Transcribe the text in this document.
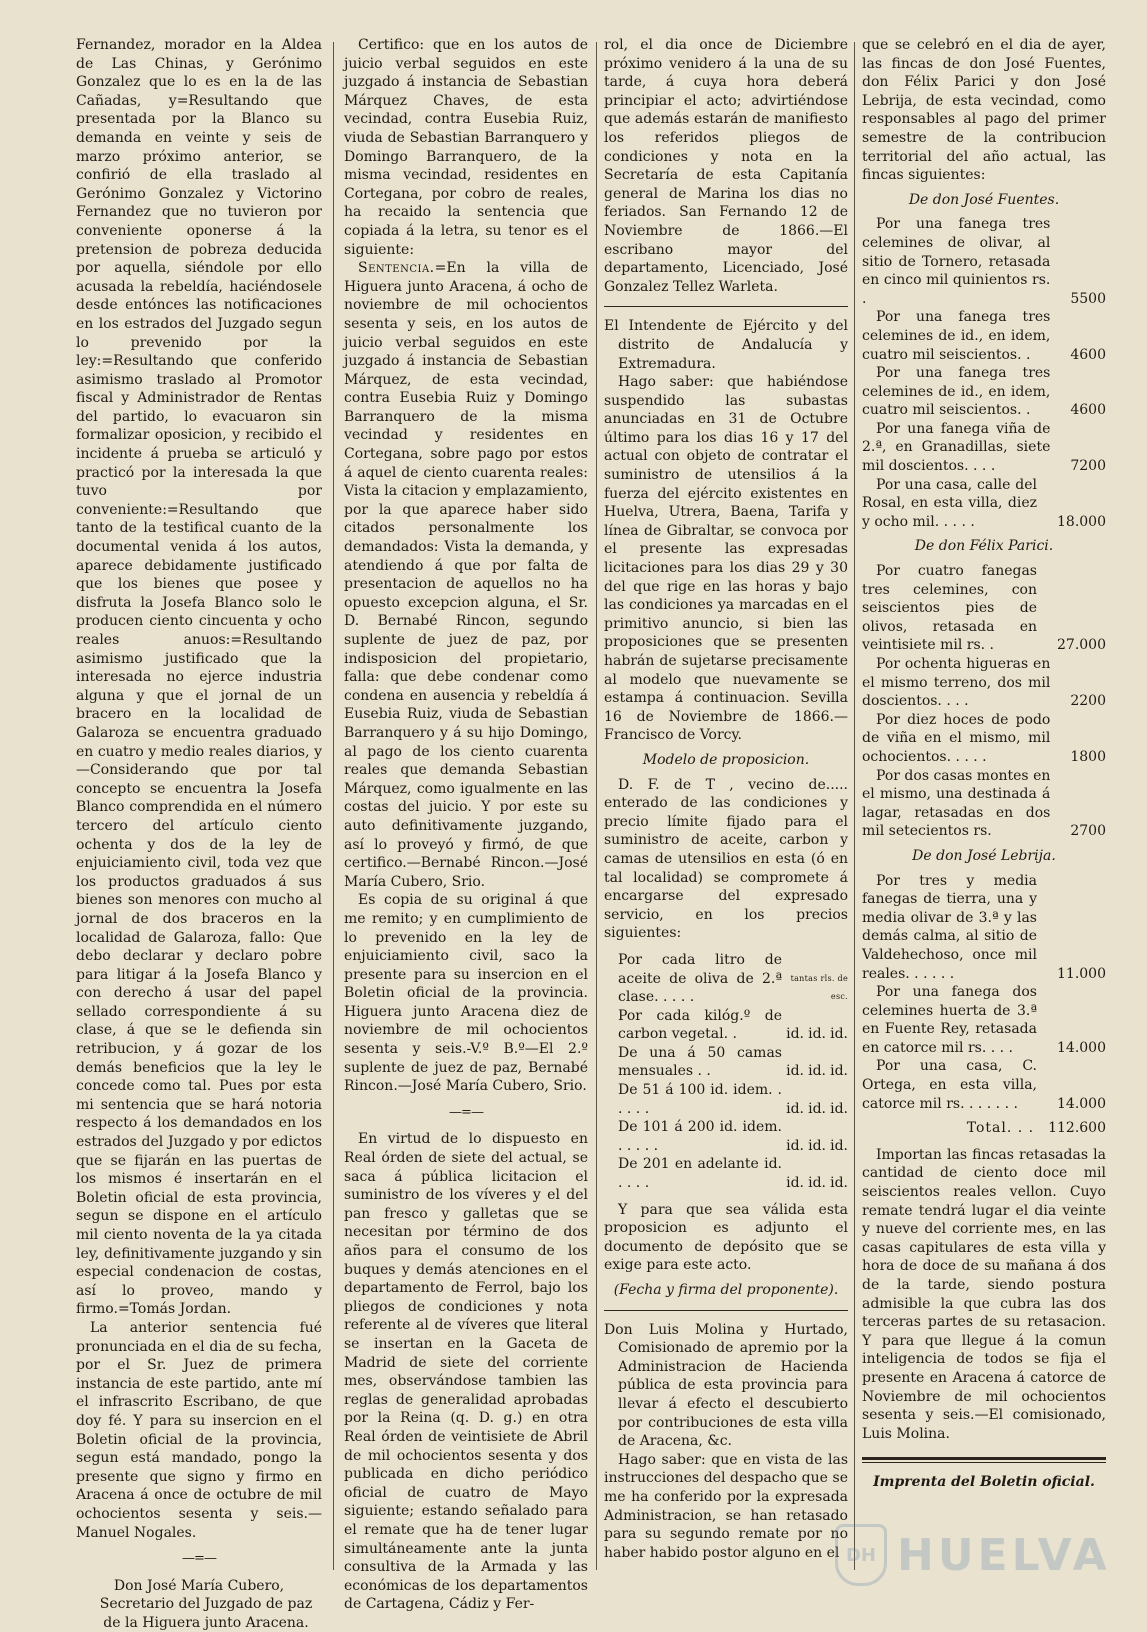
Fernandez, morador en la Aldea de Las Chinas, y Gerónimo Gonzalez que lo es en la de las Cañadas, y=Resultando que presentada por la Blanco su demanda en veinte y seis de marzo próximo anterior, se confirió de ella traslado al Gerónimo Gonzalez y Victorino Fernandez que no tuvieron por conveniente oponerse á la pretension de pobreza deducida por aquella, siéndole por ello acusada la rebeldía, haciéndosele desde entónces las notificaciones en los estrados del Juzgado segun lo prevenido por la ley:=Resultando que conferido asimismo traslado al Promotor fiscal y Administrador de Rentas del partido, lo evacuaron sin formalizar oposicion, y recibido el incidente á prueba se articuló y practicó por la interesada la que tuvo por conveniente:=Resultando que tanto de la testifical cuanto de la documental venida á los autos, aparece debidamente justificado que los bienes que posee y disfruta la Josefa Blanco solo le producen ciento cincuenta y ocho reales anuos:=Resultando asimismo justificado que la interesada no ejerce industria alguna y que el jornal de un bracero en la localidad de Galaroza se encuentra graduado en cuatro y medio reales diarios, y—Considerando que por tal concepto se encuentra la Josefa Blanco comprendida en el número tercero del artículo ciento ochenta y dos de la ley de enjuiciamiento civil, toda vez que los productos graduados á sus bienes son menores con mucho al jornal de dos braceros en la localidad de Galaroza, fallo: Que debo declarar y declaro pobre para litigar á la Josefa Blanco y con derecho á usar del papel sellado correspondiente á su clase, á que se le defienda sin retribucion, y á gozar de los demás beneficios que la ley le concede como tal. Pues por esta mi sentencia que se hará notoria respecto á los demandados en los estrados del Juzgado y por edictos que se fijarán en las puertas de los mismos é insertarán en el Boletin oficial de esta provincia, segun se dispone en el artículo mil ciento noventa de la ya citada ley, definitivamente juzgando y sin especial condenacion de costas, así lo proveo, mando y firmo.=Tomás Jordan.

La anterior sentencia fué pronunciada en el dia de su fecha, por el Sr. Juez de primera instancia de este partido, ante mí el infrascrito Escribano, de que doy fé. Y para su insercion en el Boletin oficial de la provincia, segun está mandado, pongo la presente que signo y firmo en Aracena á once de octubre de mil ochocientos sesenta y seis.—Manuel Nogales.

—=—

Don José María Cubero, Secretario del Juzgado de paz de la Higuera junto Aracena.

Certifico: que en los autos de juicio verbal seguidos en este juzgado á instancia de Sebastian Márquez Chaves, de esta vecindad, contra Eusebia Ruiz, viuda de Sebastian Barranquero y Domingo Barranquero, de la misma vecindad, residentes en Cortegana, por cobro de reales, ha recaido la sentencia que copiada á la letra, su tenor es el siguiente:

Sentencia.=En la villa de Higuera junto Aracena, á ocho de noviembre de mil ochocientos sesenta y seis, en los autos de juicio verbal seguidos en este juzgado á instancia de Sebastian Márquez, de esta vecindad, contra Eusebia Ruiz y Domingo Barranquero de la misma vecindad y residentes en Cortegana, sobre pago por estos á aquel de ciento cuarenta reales: Vista la citacion y emplazamiento, por la que aparece haber sido citados personalmente los demandados: Vista la demanda, y atendiendo á que por falta de presentacion de aquellos no ha opuesto excepcion alguna, el Sr. D. Bernabé Rincon, segundo suplente de juez de paz, por indisposicion del propietario, falla: que debe condenar como condena en ausencia y rebeldía á Eusebia Ruiz, viuda de Sebastian Barranquero y á su hijo Domingo, al pago de los ciento cuarenta reales que demanda Sebastian Márquez, como igualmente en las costas del juicio. Y por este su auto definitivamente juzgando, así lo proveyó y firmó, de que certifico.—Bernabé Rincon.—José María Cubero, Srio.

Es copia de su original á que me remito; y en cumplimiento de lo prevenido en la ley de enjuiciamiento civil, saco la presente para su insercion en el Boletin oficial de la provincia. Higuera junto Aracena diez de noviembre de mil ochocientos sesenta y seis.-V.º B.º—El 2.º suplente de juez de paz, Bernabé Rincon.—José María Cubero, Srio.

—=—

En virtud de lo dispuesto en Real órden de siete del actual, se saca á pública licitacion el suministro de los víveres y el del pan fresco y galletas que se necesitan por término de dos años para el consumo de los buques y demás atenciones en el departamento de Ferrol, bajo los pliegos de condiciones y nota referente al de víveres que literal se insertan en la Gaceta de Madrid de siete del corriente mes, observándose tambien las reglas de generalidad aprobadas por la Reina (q. D. g.) en otra Real órden de veintisiete de Abril de mil ochocientos sesenta y dos publicada en dicho periódico oficial de cuatro de Mayo siguiente; estando señalado para el remate que ha de tener lugar simultáneamente ante la junta consultiva de la Armada y las económicas de los departamentos de Cartagena, Cádiz y Fer-

rol, el dia once de Diciembre próximo venidero á la una de su tarde, á cuya hora deberá principiar el acto; advirtiéndose que además estarán de manifiesto los referidos pliegos de condiciones y nota en la Secretaría de esta Capitanía general de Marina los dias no feriados. San Fernando 12 de Noviembre de 1866.—El escribano mayor del departamento, Licenciado, José Gonzalez Tellez Warleta.

El Intendente de Ejército y del distrito de Andalucía y Extremadura.

Hago saber: que habiéndose suspendido las subastas anunciadas en 31 de Octubre último para los dias 16 y 17 del actual con objeto de contratar el suministro de utensilios á la fuerza del ejército existentes en Huelva, Utrera, Baena, Tarifa y línea de Gibraltar, se convoca por el presente las expresadas licitaciones para los dias 29 y 30 del que rige en las horas y bajo las condiciones ya marcadas en el primitivo anuncio, si bien las proposiciones que se presenten habrán de sujetarse precisamente al modelo que nuevamente se estampa á continuacion. Sevilla 16 de Noviembre de 1866.—Francisco de Vorcy.

Modelo de proposicion.

D. F. de T , vecino de..... enterado de las condiciones y precio límite fijado para el suministro de aceite, carbon y camas de utensilios en esta (ó en tal localidad) se compromete á encargarse del expresado servicio, en los precios siguientes:

Por cada litro de aceite de oliva de 2.ª clase. . . . .	tantas rls. de esc.		
Por cada kilóg.º de carbon vegetal. .	id.	id.	id.
De una á 50 camas mensuales . .	id.	id.	id.
De 51 á 100 id. idem. . . . . .	id.	id.	id.
De 101 á 200 id. idem. . . . . .	id.	id.	id.
De 201 en adelante id. . . . .	id.	id.	id.

Y para que sea válida esta proposicion es adjunto el documento de depósito que se exige para este acto.

(Fecha y firma del proponente).

Don Luis Molina y Hurtado, Comisionado de apremio por la Administracion de Hacienda pública de esta provincia para llevar á efecto el descubierto por contribuciones de esta villa de Aracena, &c.

Hago saber: que en vista de las instrucciones del despacho que se me ha conferido por la expresada Administracion, se han retasado para su segundo remate por no haber habido postor alguno en el

que se celebró en el dia de ayer, las fincas de don José Fuentes, don Félix Parici y don José Lebrija, de esta vecindad, como responsables al pago del primer semestre de la contribucion territorial del año actual, las fincas siguientes:

De don José Fuentes.

Por una fanega tres celemines de olivar, al sitio de Tornero, retasada en cinco mil quinientos rs. .	5500
Por una fanega tres celemines de id., en idem, cuatro mil seiscientos. .	4600
Por una fanega tres celemines de id., en idem, cuatro mil seiscientos. .	4600
Por una fanega viña de 2.ª, en Granadillas, siete mil doscientos. . . .	7200
Por una casa, calle del Rosal, en esta villa, diez y ocho mil. . . . .	18.000

De don Félix Parici.

Por cuatro fanegas tres celemines, con seiscientos pies de olivos, retasada en veintisiete mil rs. .	27.000
Por ochenta higueras en el mismo terreno, dos mil doscientos. . . .	2200
Por diez hoces de podo de viña en el mismo, mil ochocientos. . . . .	1800
Por dos casas montes en el mismo, una destinada á lagar, retasadas en dos mil setecientos rs.	2700

De don José Lebrija.

Por tres y media fanegas de tierra, una y media olivar de 3.ª y las demás calma, al sitio de Valdehechoso, once mil reales. . . . . .	11.000
Por una fanega dos celemines huerta de 3.ª en Fuente Rey, retasada en catorce mil rs. . . .	14.000
Por una casa, C. Ortega, en esta villa, catorce mil rs. . . . . . .	14.000
Total. . . 112.600

Importan las fincas retasadas la cantidad de ciento doce mil seiscientos reales vellon. Cuyo remate tendrá lugar el dia veinte y nueve del corriente mes, en las casas capitulares de esta villa y hora de doce de su mañana á dos de la tarde, siendo postura admisible la que cubra las dos terceras partes de su retasacion. Y para que llegue á la comun inteligencia de todos se fija el presente en Aracena á catorce de Noviembre de mil ochocientos sesenta y seis.—El comisionado, Luis Molina.

Imprenta del Boletin oficial.

DH HUELVA
